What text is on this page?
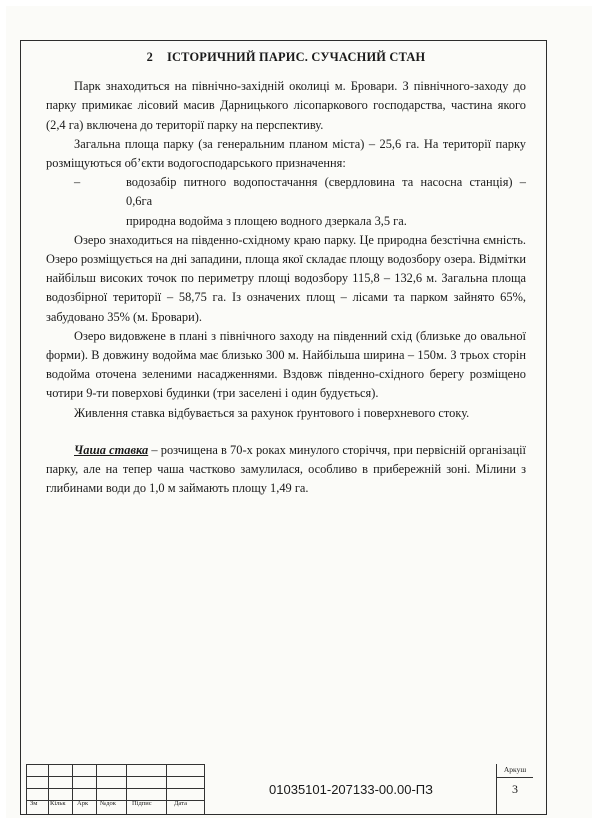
2 ІСТОРИЧНИЙ ПАРИС. СУЧАСНИЙ СТАН

Парк знаходиться на північно-західній околиці м. Бровари. З північного-заходу до парку примикає лісовий масив Дарницького лісопаркового господарства, частина якого (2,4 га) включена до території парку на перспективу.

Загальна площа парку (за генеральним планом міста) – 25,6 га. На території парку розміщуються об’єкти водогосподарського призначення:

–	водозабір питного водопостачання (свердловина та насосна станція) – 0,6га
природна водойма з площею водного дзеркала 3,5 га.

Озеро знаходиться на південно-східному краю парку. Це природна безстічна ємність. Озеро розміщується на дні западини, площа якої складає площу водозбору озера. Відмітки найбільш високих точок по периметру площі водозбору 115,8 – 132,6 м. Загальна площа водозбірної території – 58,75 га. Із означених площ – лісами та парком зайнято 65%, забудовано 35% (м. Бровари).

Озеро видовжене в плані з північного заходу на південний схід (близьке до овальної форми). В довжину водойма має близько 300 м. Найбільша ширина – 150м. З трьох сторін водойма оточена зеленими насадженнями. Вздовж південно-східного берегу розміщено чотири 9-ти поверхові будинки (три заселені і один будується).

Живлення ставка відбувається за рахунок ґрунтового і поверхневого стоку.

Чаша ставка – розчищена в 70-х роках минулого сторіччя, при первісній організації парку, але на тепер чаша частково замулилася, особливо в прибережній зоні. Мілини з глибинами води до 1,0 м займають площу 1,49 га.

Зм Кільк Арк №док Підпис	Дата
01035101-207133-00.00-ПЗ
Аркуш
3
